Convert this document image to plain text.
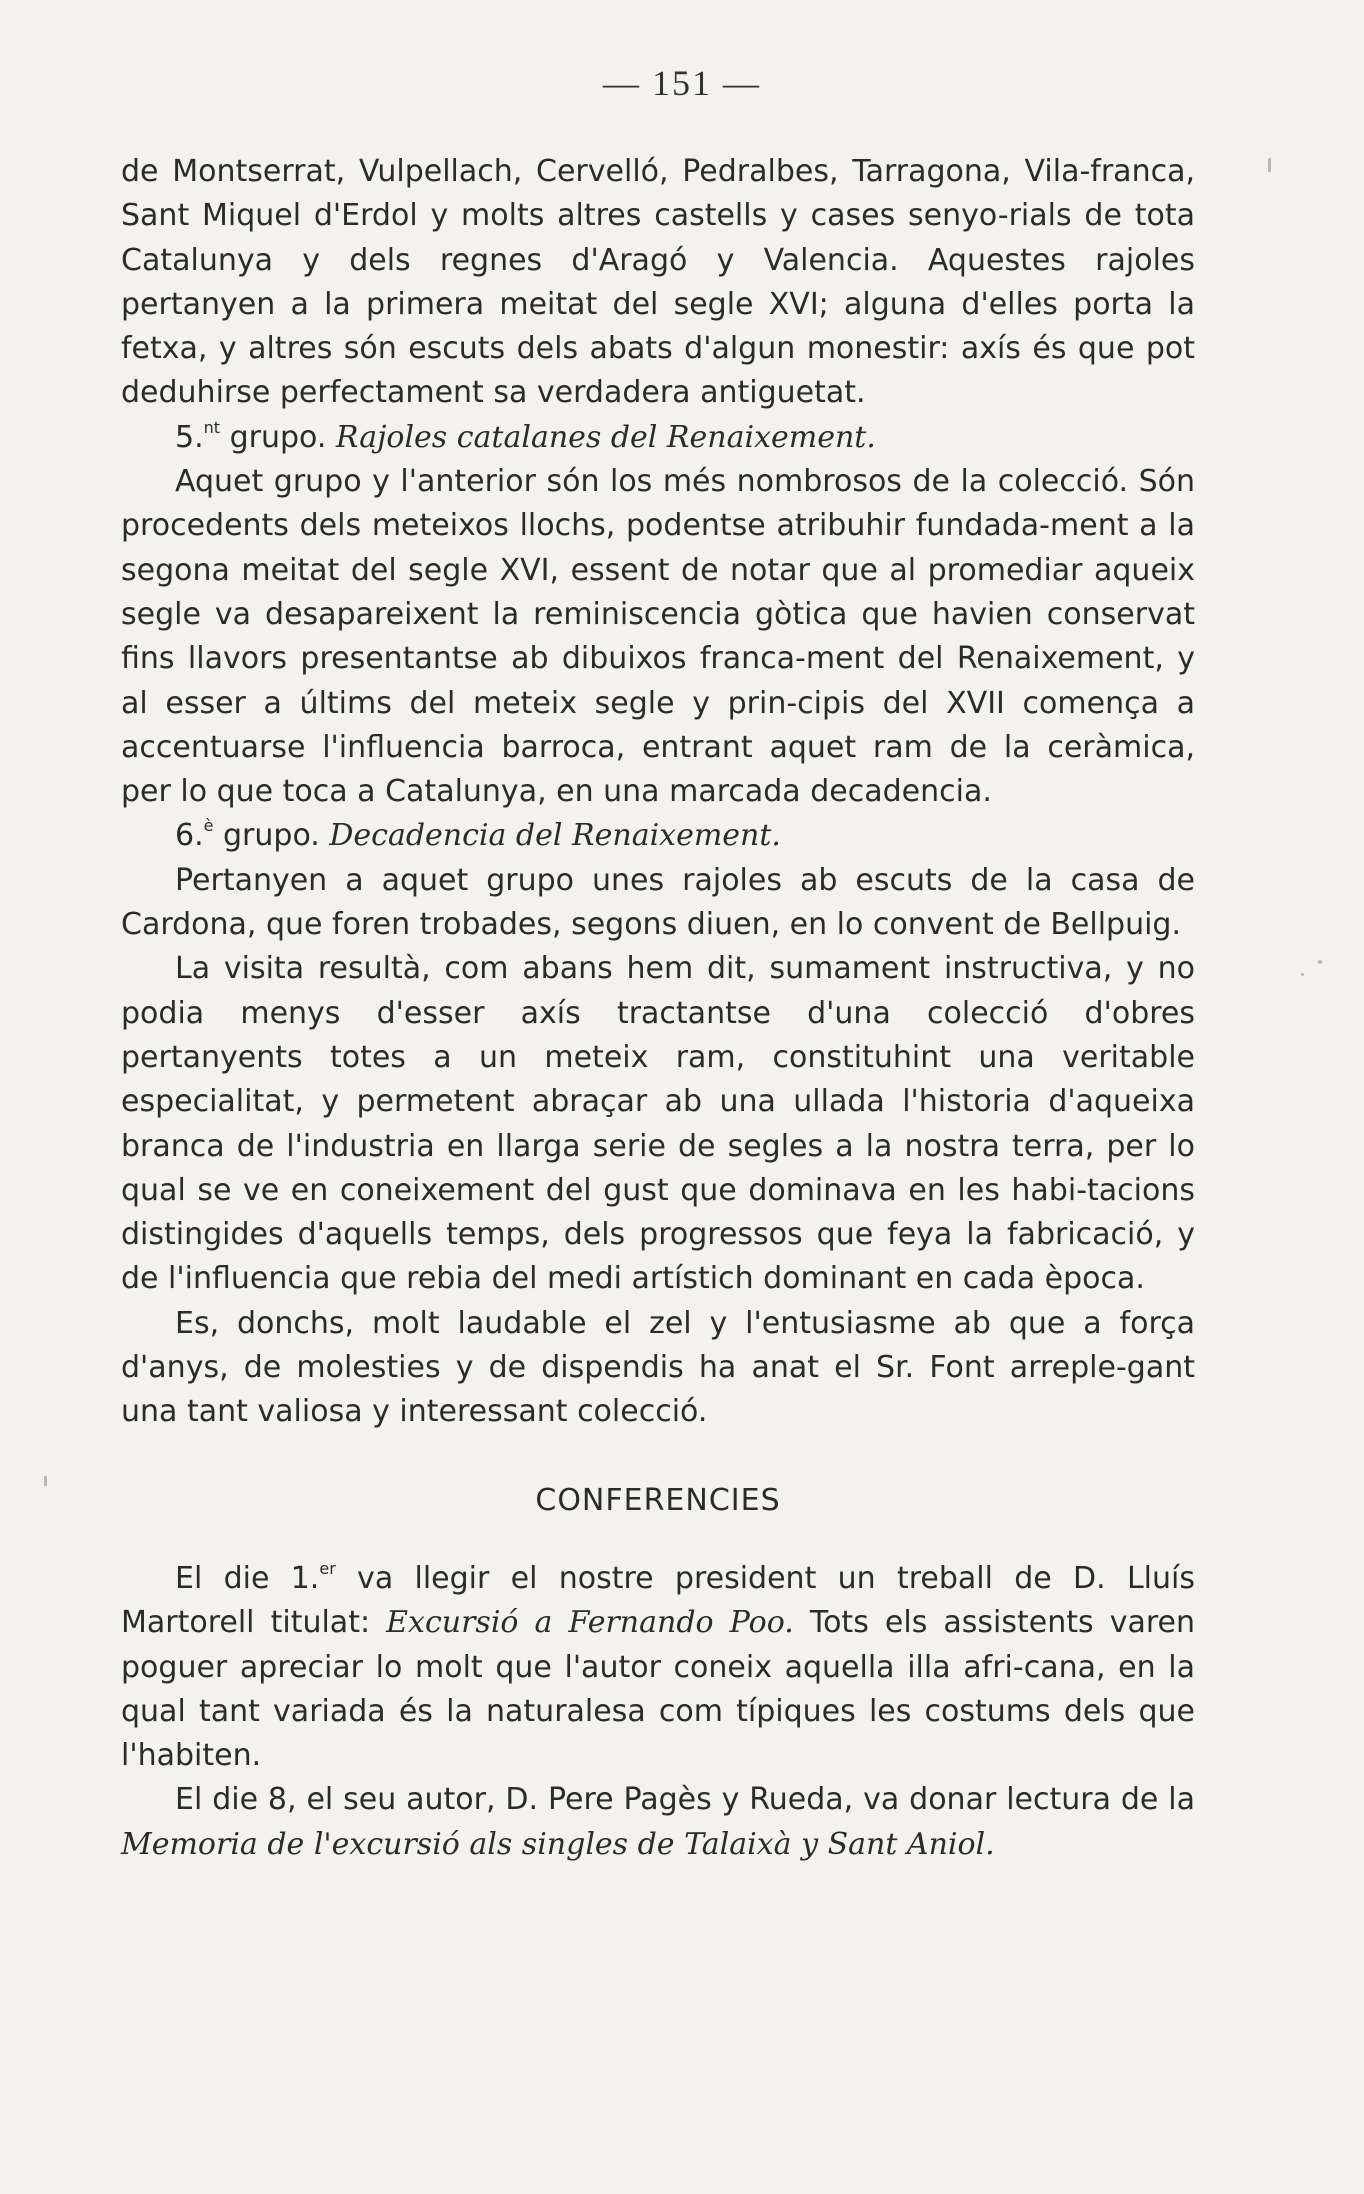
— 151 —

de Montserrat, Vulpellach, Cervelló, Pedralbes, Tarragona, Vila-franca, Sant Miquel d'Erdol y molts altres castells y cases senyo-rials de tota Catalunya y dels regnes d'Aragó y Valencia. Aquestes rajoles pertanyen a la primera meitat del segle XVI; alguna d'elles porta la fetxa, y altres són escuts dels abats d'algun monestir: axís és que pot deduhirse perfectament sa verdadera antiguetat.

5.$^{nt}$ grupo. Rajoles catalanes del Renaixement.

Aquet grupo y l'anterior són los més nombrosos de la colecció. Són procedents dels meteixos llochs, podentse atribuhir fundada-ment a la segona meitat del segle XVI, essent de notar que al promediar aqueix segle va desapareixent la reminiscencia gòtica que havien conservat fins llavors presentantse ab dibuixos franca-ment del Renaixement, y al esser a últims del meteix segle y prin-cipis del XVII comença a accentuarse l'influencia barroca, entrant aquet ram de la ceràmica, per lo que toca a Catalunya, en una marcada decadencia.

6.$^è$ grupo. Decadencia del Renaixement.

Pertanyen a aquet grupo unes rajoles ab escuts de la casa de Cardona, que foren trobades, segons diuen, en lo convent de Bellpuig.

La visita resultà, com abans hem dit, sumament instructiva, y no podia menys d'esser axís tractantse d'una colecció d'obres pertanyents totes a un meteix ram, constituhint una veritable especialitat, y permetent abraçar ab una ullada l'historia d'aqueixa branca de l'industria en llarga serie de segles a la nostra terra, per lo qual se ve en coneixement del gust que dominava en les habi-tacions distingides d'aquells temps, dels progressos que feya la fabricació, y de l'influencia que rebia del medi artístich dominant en cada època.

Es, donchs, molt laudable el zel y l'entusiasme ab que a força d'anys, de molesties y de dispendis ha anat el Sr. Font arreple-gant una tant valiosa y interessant colecció.

CONFERENCIES

El die 1.$^{er}$ va llegir el nostre president un treball de D. Lluís Martorell titulat: Excursió a Fernando Poo. Tots els assistents varen poguer apreciar lo molt que l'autor coneix aquella illa afri-cana, en la qual tant variada és la naturalesa com típiques les costums dels que l'habiten.

El die 8, el seu autor, D. Pere Pagès y Rueda, va donar lectura de la Memoria de l'excursió als singles de Talaixà y Sant Aniol.
